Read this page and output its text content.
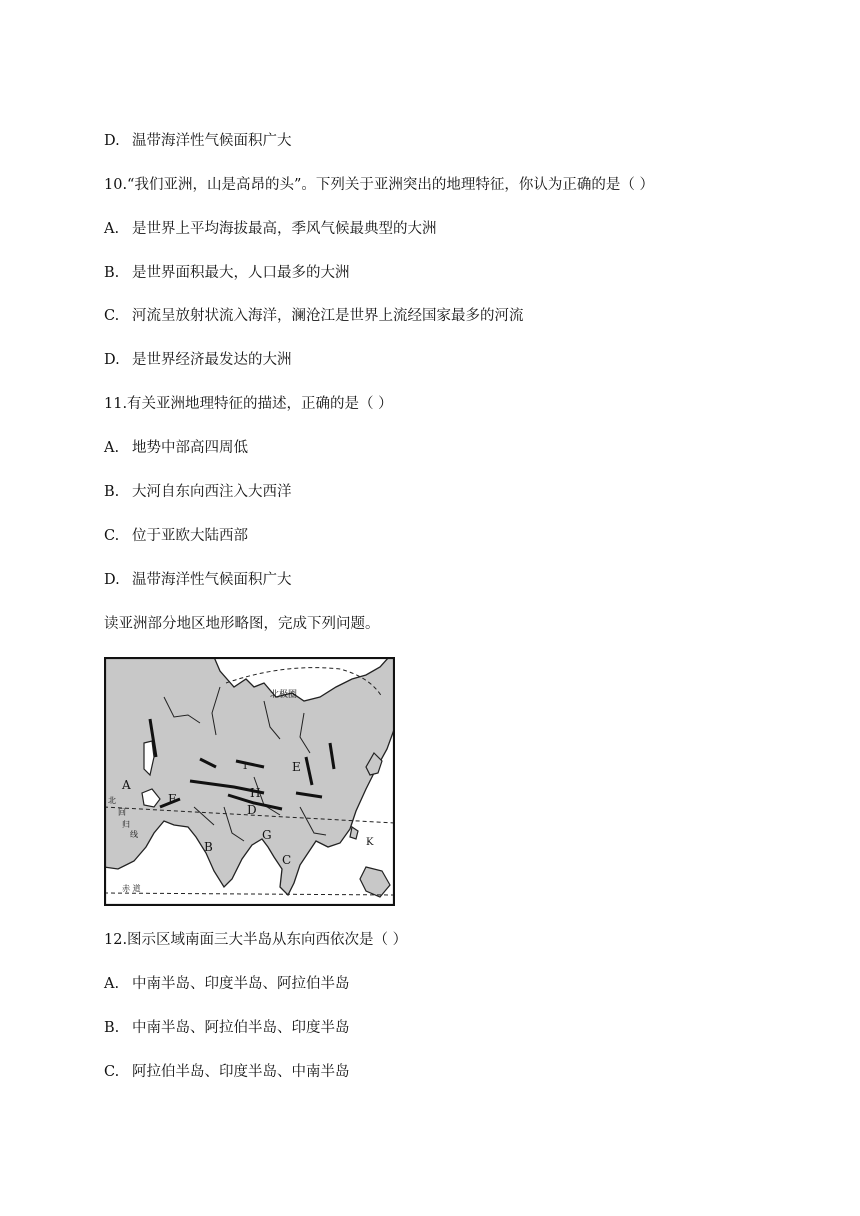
D. 温带海洋性气候面积广大
10.“我们亚洲，山是高昂的头”。下列关于亚洲突出的地理特征，你认为正确的是（ ）
A. 是世界上平均海拔最高，季风气候最典型的大洲
B. 是世界面积最大，人口最多的大洲
C. 河流呈放射状流入海洋，澜沧江是世界上流经国家最多的河流
D. 是世界经济最发达的大洲
11.有关亚洲地理特征的描述，正确的是（ ）
A. 地势中部高四周低
B. 大河自东向西注入大西洋
C. 位于亚欧大陆西部
D. 温带海洋性气候面积广大
读亚洲部分地区地形略图，完成下列问题。
北极圈
A
B
C
D
E
F
G
H
K
1
北
回
归
线
赤 道
12.图示区域南面三大半岛从东向西依次是（ ）
A. 中南半岛、印度半岛、阿拉伯半岛
B. 中南半岛、阿拉伯半岛、印度半岛
C. 阿拉伯半岛、印度半岛、中南半岛
